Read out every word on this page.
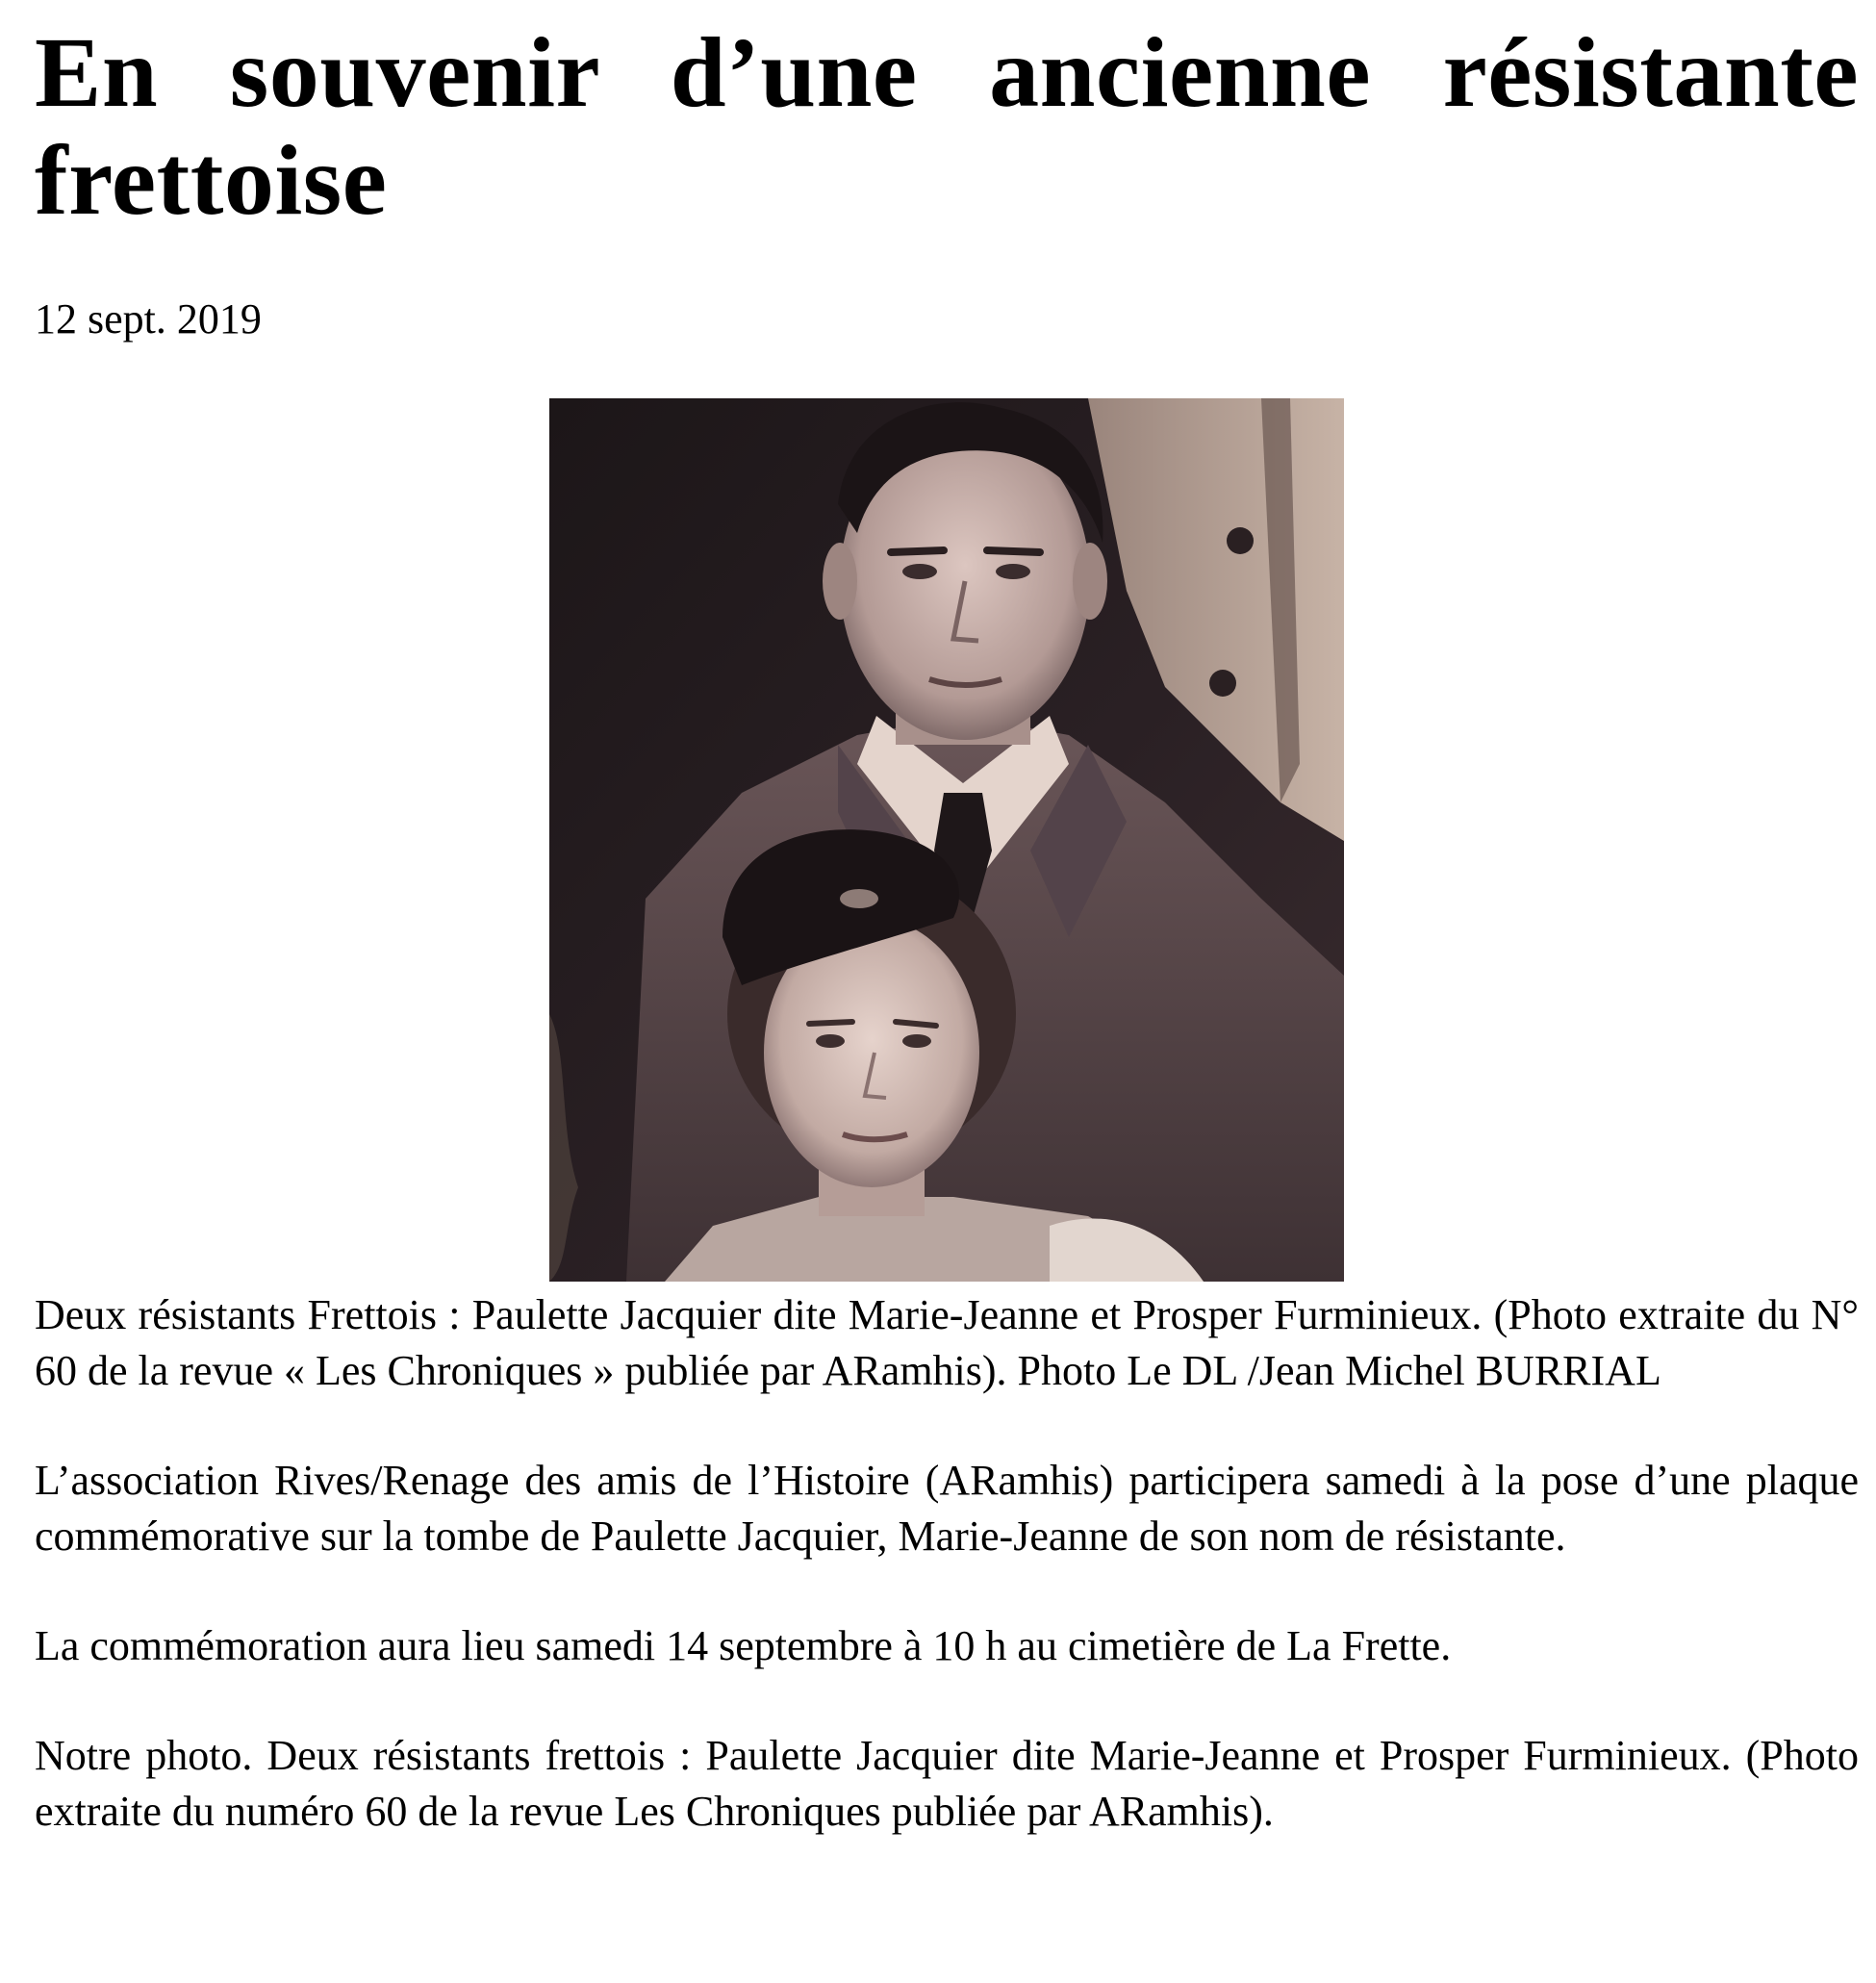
En souvenir d’une ancienne résistante frettoise
12 sept. 2019
Deux résistants Frettois : Paulette Jacquier dite Marie-Jeanne et Prosper Furminieux. (Photo extraite du N° 60 de la revue « Les Chroniques » publiée par ARamhis). Photo Le DL /Jean Michel BURRIAL

L’association Rives/Renage des amis de l’Histoire (ARamhis) participera samedi à la pose d’une plaque commémorative sur la tombe de Paulette Jacquier, Marie-Jeanne de son nom de résistante.

La commémoration aura lieu samedi 14 septembre à 10 h au cimetière de La Frette.

Notre photo. Deux résistants frettois : Paulette Jacquier dite Marie-Jeanne et Prosper Furminieux. (Photo extraite du numéro 60 de la revue Les Chroniques publiée par ARamhis).
